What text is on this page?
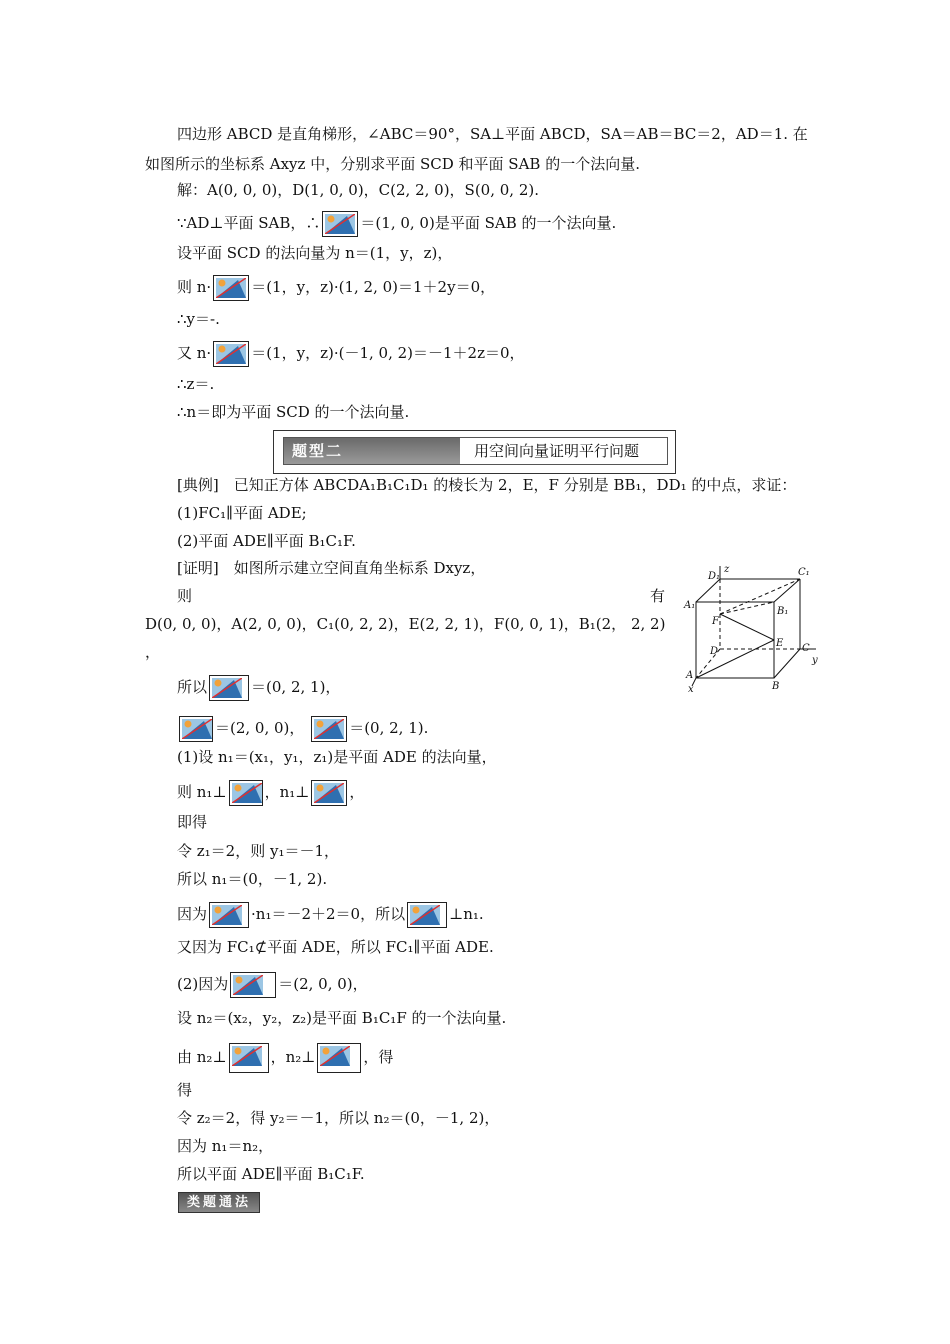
四边形 ABCD 是直角梯形，∠ABC＝90°，SA⊥平面 ABCD，SA＝AB＝BC＝2，AD＝1. 在
如图所示的坐标系 Axyz 中，分别求平面 SCD 和平面 SAB 的一个法向量.
解：A(0, 0, 0)，D(1, 0, 0)，C(2, 2, 0)，S(0, 0, 2).
∵AD⊥平面 SAB，∴	＝(1, 0, 0)是平面 SAB 的一个法向量.
设平面 SCD 的法向量为 n＝(1，y，z)，
则 n·	＝(1，y，z)·(1, 2, 0)＝1＋2y＝0，
∴y＝-.
又 n·	＝(1，y，z)·(－1, 0, 2)＝－1＋2z＝0，
∴z＝.
∴n＝即为平面 SCD 的一个法向量.
题型二	用空间向量证明平行问题
[典例]　已知正方体 ABCDA₁B₁C₁D₁ 的棱长为 2，E，F 分别是 BB₁，DD₁ 的中点，求证：
(1)FC₁∥平面 ADE;
(2)平面 ADE∥平面 B₁C₁F.
[证明]　如图所示建立空间直角坐标系 Dxyz，
则	有
D(0, 0, 0)，A(2, 0, 0)，C₁(0, 2, 2)，E(2, 2, 1)，F(0, 0, 1)，B₁(2， 2, 2)
，
所以	＝(0, 2, 1)，
＝(2, 0, 0)，	＝(0, 2, 1).
(1)设 n₁＝(x₁，y₁，z₁)是平面 ADE 的法向量，
则 n₁⊥	，n₁⊥	，
即得
令 z₁＝2，则 y₁＝－1，
所以 n₁＝(0，－1, 2).
因为	·n₁＝－2＋2＝0，所以	⊥n₁.
又因为 FC₁⊄平面 ADE，所以 FC₁∥平面 ADE.
(2)因为	＝(2, 0, 0)，
设 n₂＝(x₂，y₂，z₂)是平面 B₁C₁F 的一个法向量.
由 n₂⊥	，n₂⊥	，得
得
令 z₂＝2，得 y₂＝－1，所以 n₂＝(0，－1, 2)，
因为 n₁＝n₂，
所以平面 ADE∥平面 B₁C₁F.
类题通法
D₁
z	C₁
A₁
B₁
F
E
D	C
y
A
x	B
